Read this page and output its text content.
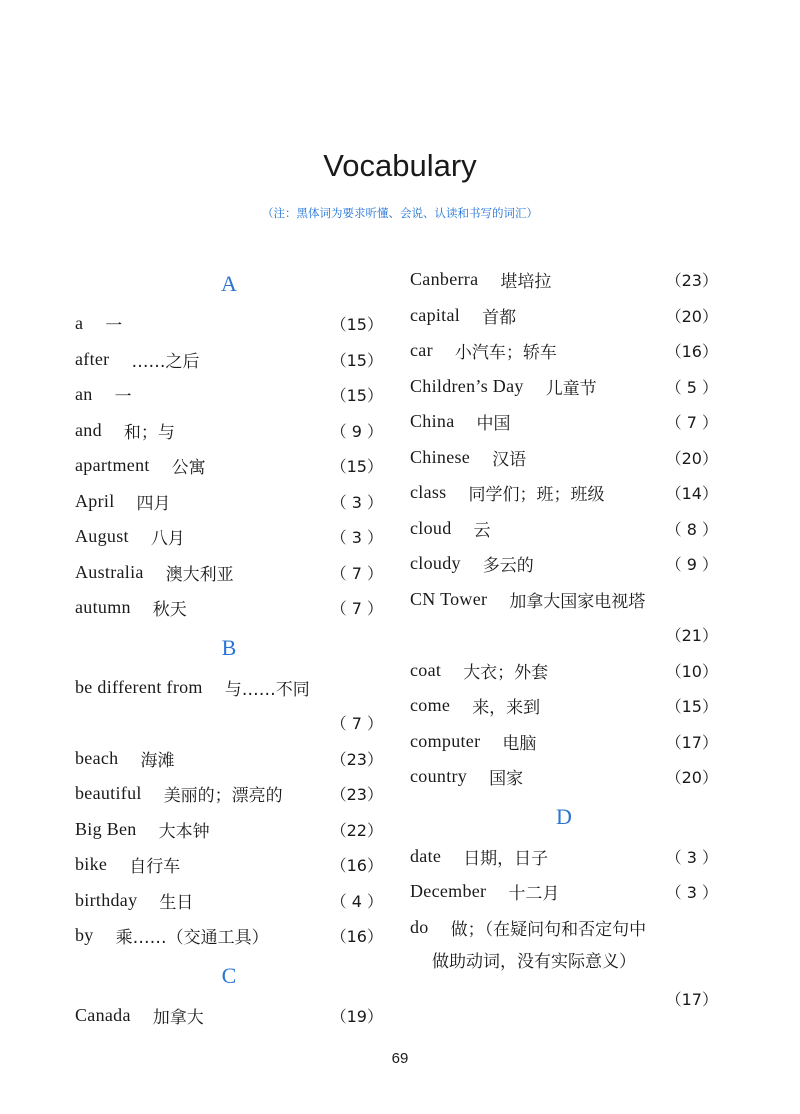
Vocabulary
（注：黑体词为要求听懂、会说、认读和书写的词汇）
A
a 一	（15）
after ……之后	（15）
an 一	（15）
and 和；与	（ 9 ）
apartment 公寓	（15）
April 四月	（ 3 ）
August 八月	（ 3 ）
Australia 澳大利亚	（ 7 ）
autumn 秋天	（ 7 ）
B
be different from 与……不同
（ 7 ）
beach 海滩	（23）
beautiful 美丽的；漂亮的	（23）
Big Ben 大本钟	（22）
bike 自行车	（16）
birthday 生日	（ 4 ）
by 乘……（交通工具）	（16）
C
Canada 加拿大	（19）
Canberra 堪培拉	（23）
capital 首都	（20）
car 小汽车；轿车	（16）
Children’s Day 儿童节	（ 5 ）
China 中国	（ 7 ）
Chinese 汉语	（20）
class 同学们；班；班级	（14）
cloud 云	（ 8 ）
cloudy 多云的	（ 9 ）
CN Tower 加拿大国家电视塔
（21）
coat 大衣；外套	（10）
come 来，来到	（15）
computer 电脑	（17）
country 国家	（20）
D
date 日期，日子	（ 3 ）
December 十二月	（ 3 ）
do 做；（在疑问句和否定句中
做助动词，没有实际意义）
（17）
69
